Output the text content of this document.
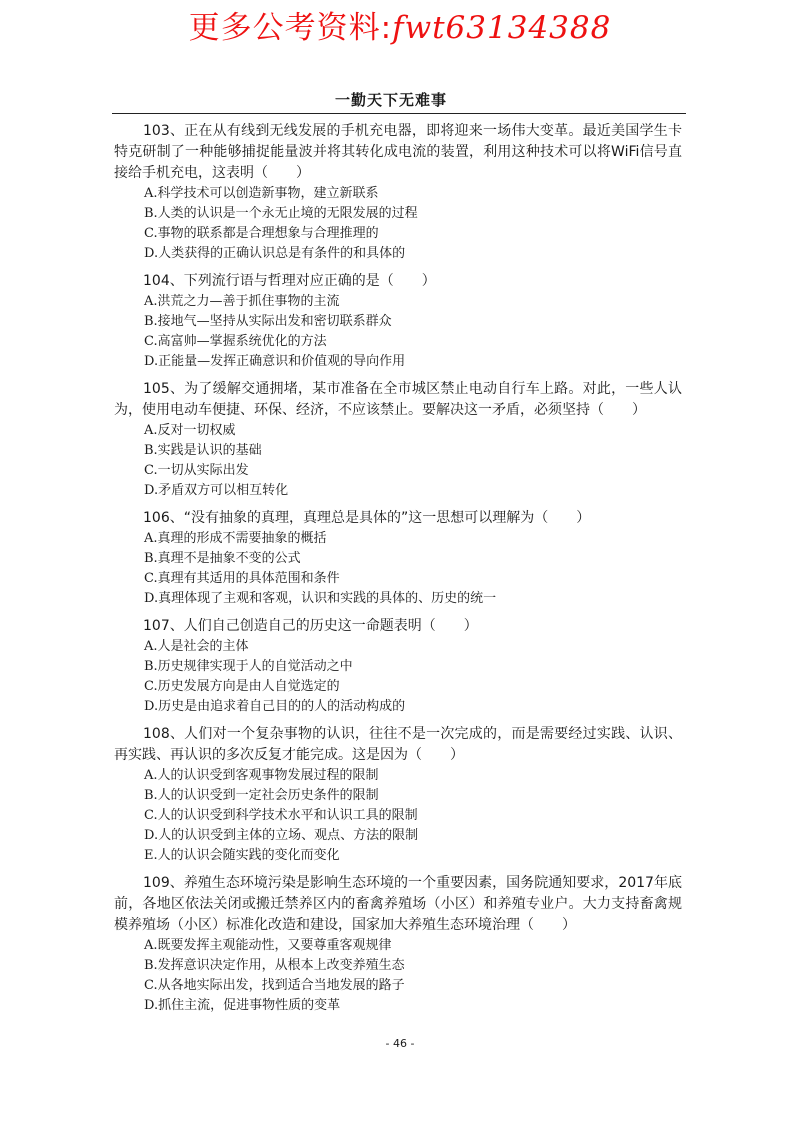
更多公考资料:fwt63134388
一勤天下无难事

103、正在从有线到无线发展的手机充电器，即将迎来一场伟大变革。最近美国学生卡特克研制了一种能够捕捉能量波并将其转化成电流的装置，利用这种技术可以将WiFi信号直接给手机充电，这表明（　　）

A.科学技术可以创造新事物，建立新联系
B.人类的认识是一个永无止境的无限发展的过程
C.事物的联系都是合理想象与合理推理的
D.人类获得的正确认识总是有条件的和具体的

104、下列流行语与哲理对应正确的是（　　）

A.洪荒之力—善于抓住事物的主流
B.接地气—坚持从实际出发和密切联系群众
C.高富帅—掌握系统优化的方法
D.正能量—发挥正确意识和价值观的导向作用

105、为了缓解交通拥堵，某市准备在全市城区禁止电动自行车上路。对此，一些人认为，使用电动车便捷、环保、经济，不应该禁止。要解决这一矛盾，必须坚持（　　）

A.反对一切权威
B.实践是认识的基础
C.一切从实际出发
D.矛盾双方可以相互转化

106、“没有抽象的真理，真理总是具体的”这一思想可以理解为（　　）

A.真理的形成不需要抽象的概括
B.真理不是抽象不变的公式
C.真理有其适用的具体范围和条件
D.真理体现了主观和客观，认识和实践的具体的、历史的统一

107、人们自己创造自己的历史这一命题表明（　　）

A.人是社会的主体
B.历史规律实现于人的自觉活动之中
C.历史发展方向是由人自觉选定的
D.历史是由追求着自己目的的人的活动构成的

108、人们对一个复杂事物的认识，往往不是一次完成的，而是需要经过实践、认识、再实践、再认识的多次反复才能完成。这是因为（　　）

A.人的认识受到客观事物发展过程的限制
B.人的认识受到一定社会历史条件的限制
C.人的认识受到科学技术水平和认识工具的限制
D.人的认识受到主体的立场、观点、方法的限制
E.人的认识会随实践的变化而变化

109、养殖生态环境污染是影响生态环境的一个重要因素，国务院通知要求，2017年底前，各地区依法关闭或搬迁禁养区内的畜禽养殖场（小区）和养殖专业户。大力支持畜禽规模养殖场（小区）标准化改造和建设，国家加大养殖生态环境治理（　　）

A.既要发挥主观能动性，又要尊重客观规律
B.发挥意识决定作用，从根本上改变养殖生态
C.从各地实际出发，找到适合当地发展的路子
D.抓住主流，促进事物性质的变革
- 46 -
